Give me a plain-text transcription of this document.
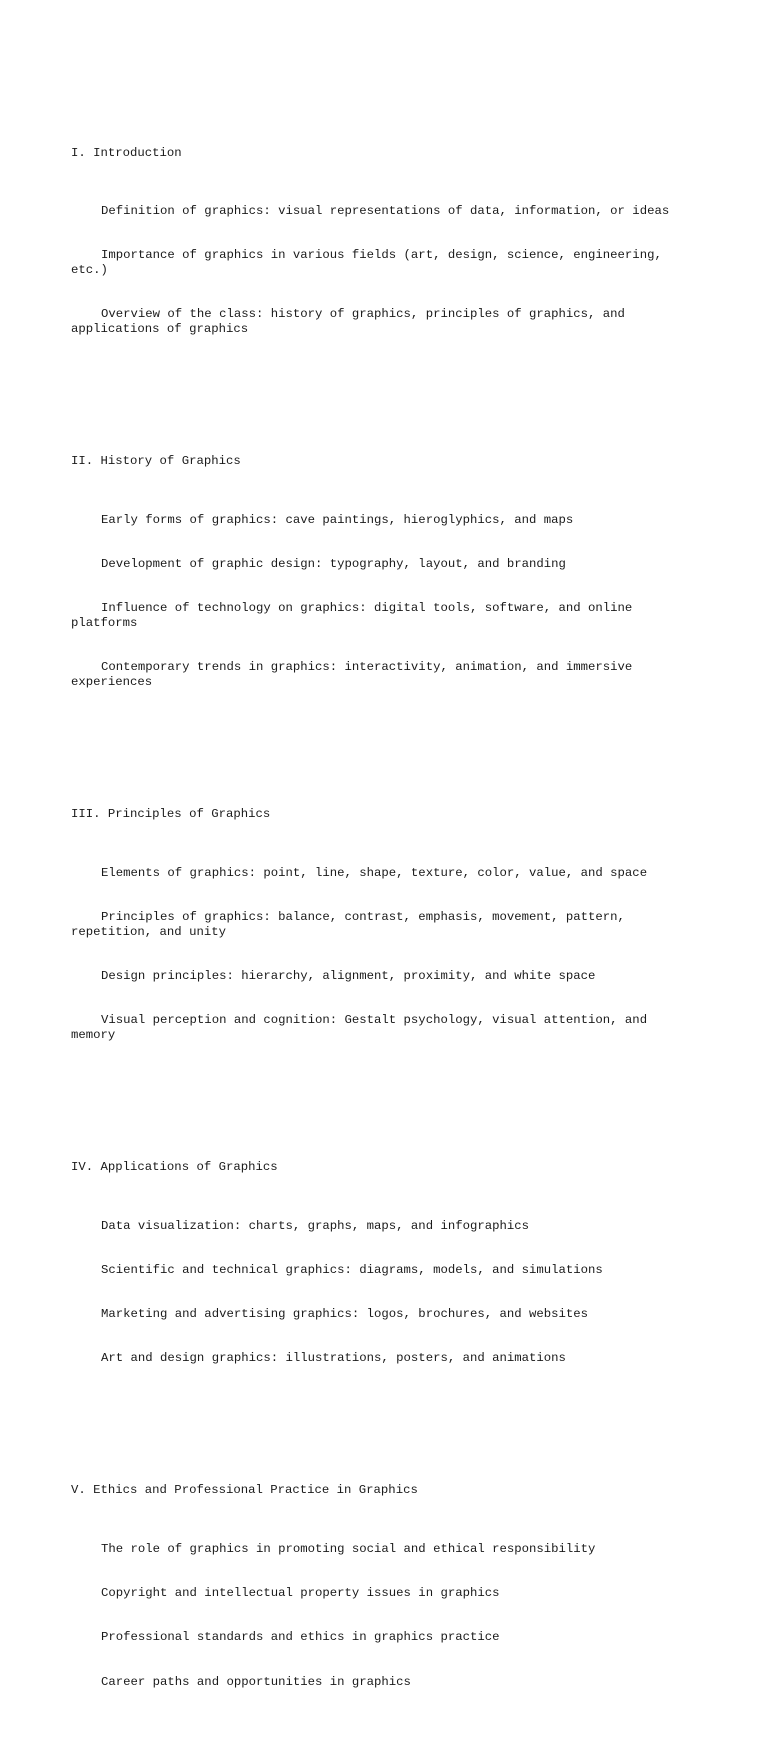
I. Introduction

Definition of graphics: visual representations of data, information, or ideas

Importance of graphics in various fields (art, design, science, engineering, etc.)

Overview of the class: history of graphics, principles of graphics, and applications of graphics

II. History of Graphics

Early forms of graphics: cave paintings, hieroglyphics, and maps

Development of graphic design: typography, layout, and branding

Influence of technology on graphics: digital tools, software, and online platforms

Contemporary trends in graphics: interactivity, animation, and immersive experiences

III. Principles of Graphics

Elements of graphics: point, line, shape, texture, color, value, and space

Principles of graphics: balance, contrast, emphasis, movement, pattern, repetition, and unity

Design principles: hierarchy, alignment, proximity, and white space

Visual perception and cognition: Gestalt psychology, visual attention, and memory

IV. Applications of Graphics

Data visualization: charts, graphs, maps, and infographics

Scientific and technical graphics: diagrams, models, and simulations

Marketing and advertising graphics: logos, brochures, and websites

Art and design graphics: illustrations, posters, and animations

V. Ethics and Professional Practice in Graphics

The role of graphics in promoting social and ethical responsibility

Copyright and intellectual property issues in graphics

Professional standards and ethics in graphics practice

Career paths and opportunities in graphics
